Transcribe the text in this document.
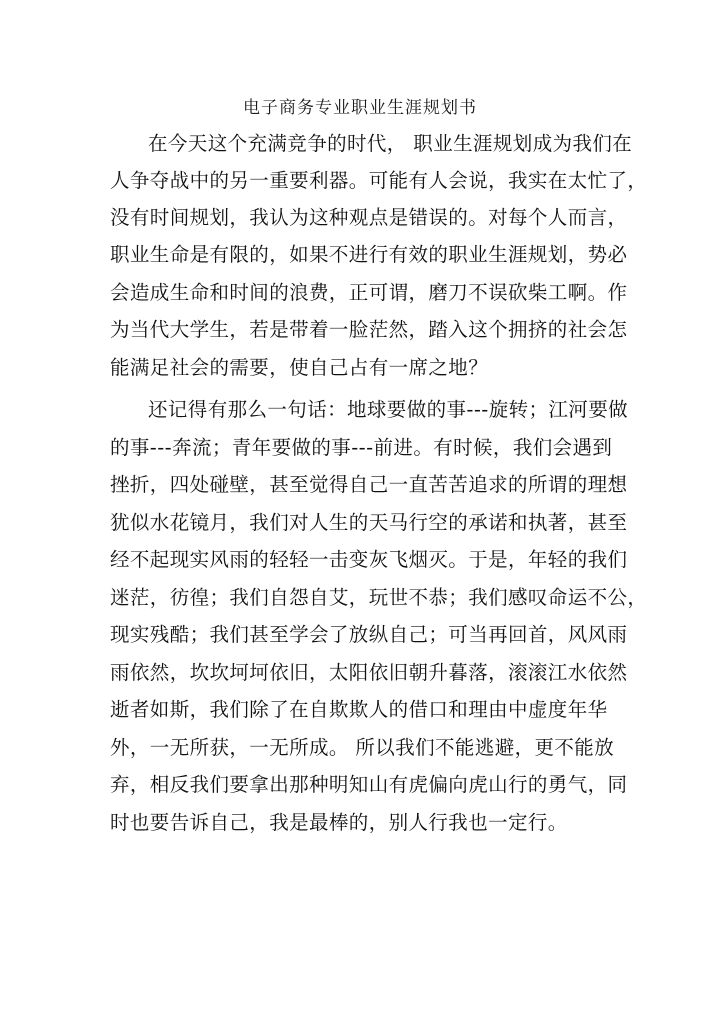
电子商务专业职业生涯规划书
在今天这个充满竞争的时代， 职业生涯规划成为我们在
人争夺战中的另一重要利器。可能有人会说，我实在太忙了，
没有时间规划，我认为这种观点是错误的。对每个人而言，
职业生命是有限的，如果不进行有效的职业生涯规划，势必
会造成生命和时间的浪费，正可谓，磨刀不误砍柴工啊。作
为当代大学生，若是带着一脸茫然，踏入这个拥挤的社会怎
能满足社会的需要，使自己占有一席之地？
还记得有那么一句话：地球要做的事---旋转；江河要做
的事---奔流；青年要做的事---前进。有时候，我们会遇到
挫折，四处碰壁，甚至觉得自己一直苦苦追求的所谓的理想
犹似水花镜月，我们对人生的天马行空的承诺和执著，甚至
经不起现实风雨的轻轻一击变灰飞烟灭。于是，年轻的我们
迷茫，彷徨；我们自怨自艾，玩世不恭；我们感叹命运不公，
现实残酷；我们甚至学会了放纵自己；可当再回首，风风雨
雨依然，坎坎坷坷依旧，太阳依旧朝升暮落，滚滚江水依然
逝者如斯，我们除了在自欺欺人的借口和理由中虚度年华
外，一无所获，一无所成。 所以我们不能逃避，更不能放
弃，相反我们要拿出那种明知山有虎偏向虎山行的勇气，同
时也要告诉自己，我是最棒的，别人行我也一定行。
